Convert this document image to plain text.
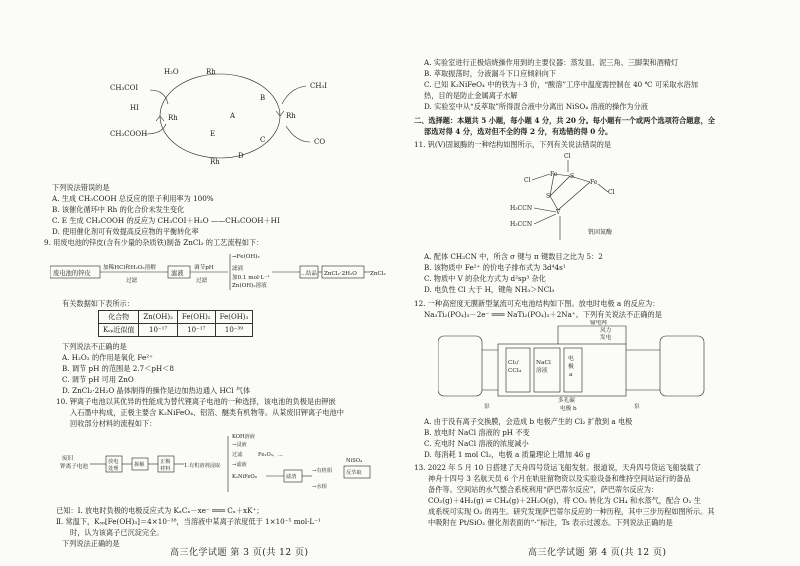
Rh
Rh
Rh
Rh	A
B
C
D
E
H₂O
CH₃COI
HI
CH₃COOH
CH₃I
CO
下列说法错误的是
A. 生成 CH₃COOH 总反应的原子利用率为 100%
B. 该催化循环中 Rh 的化合价未发生变化
C. E 生成 CH₃COOH 的反应为 CH₃COI＋H₂O ——CH₃COOH＋HI
D. 使用催化剂可有效提高反应物的平衡转化率
9. 用废电池的锌皮(含有少量的杂质铁)制备 ZnCl₂ 的工艺流程如下：
废电池的锌皮
加稀HCl和H₂O₂溶解
过滤
滤液
调节pH
过滤
→Fe(OH)₃
滤液
加0.1 mol·L⁻¹
Zn(OH)₂溶液
...结晶 ZnCl₂·2H₂O ZnCl₂
有关数据如下表所示：
化合物	Zn(OH)₂	Fe(OH)₂	Fe(OH)₃
Kₛₚ近似值	10⁻¹⁷	10⁻¹⁷	10⁻³⁹
下列说法不正确的是
A. H₂O₂ 的作用是氧化 Fe²⁺
B. 调节 pH 的范围是 2.7＜pH＜8
C. 调节 pH 可用 ZnO
D. ZnCl₂·2H₂O 晶体制得的操作是边加热边通入 HCl 气体
10. 钾离子电池以其优异的性能成为替代锂离子电池的一种选择，该电池的负极是由钾嵌
入石墨中构成，正极主要含 K₂NiFeO₄、铝箔、醚类有机物等。从某废旧钾离子电池中
回收部分材料的流程如下：
废旧
钾离子电池
放电
处理
拆解	正极
材料	1.有机溶剂浸取
KOH溶液
→浸液
过滤
→滤液
Fe₂O₃、...
K₂NiFeO₄	滤渣
→有机相	反萃取
NiSO₄
→水相
已知：Ⅰ. 放电时负极的电极反应式为 KₓCₓ－xe⁻ ═══ Cₓ＋xK⁺；
Ⅱ. 常温下，Kₛₚ[Fe(OH)₃]＝4×10⁻³⁸，当溶液中某离子浓度低于 1×10⁻⁵ mol·L⁻¹
时，认为该离子已沉淀完全。
下列说法正确的是
高三化学试题 第 3 页(共 12 页)
A. 实验室进行正极焙烧操作用到的主要仪器：蒸发皿、泥三角、三脚架和酒精灯
B. 萃取振荡时，分液漏斗下口应倾斜向下
C. 已知 K₂NiFeO₄ 中的铁为＋3 价，“酸溶”工序中温度需控制在 40 ℃ 可采取水浴加
热，目的是防止金属离子水解
D. 实验室中从“反萃取”所得混合液中分离出 NiSO₄ 溶液的操作为分液
二、选择题：本题共 5 小题，每小题 4 分，共 20 分。每小题有一个或两个选项符合题意，全
部选对得 4 分，选对但不全的得 2 分，有选错的得 0 分。
11. 钒(Ⅴ)固氮酶的一种结构如图所示，下列有关说法错误的是
Cl
Fe S
Fe
Cl
Cl
S
V
H₃CCN
H₃CCN
钒固氮酶
A. 配体 CH₃CN 中，所含 σ 键与 π 键数目之比为 5：2
B. 该物质中 Fe²⁺ 的价电子排布式为 3d⁴4s¹
C. 物质中 V 的杂化方式为 d²sp³ 杂化
D. 电负性 Cl 大于 H，键角 NH₃＞NCl₃
12. 一种高密度无膜新型氯流可充电池结构如下图。放电时电极 a 的反应为：
Na₃Ti₂(PO₄)₃－2e⁻ ═══ NaTi₂(PO₄)₃＋2Na⁺。下列有关说法不正确的是
输电网
风力
发电
Cl₂/
CCl₄
NaCl
溶液
电
极
a
泵
多孔碳
电极 b	泵
A. 由于没有离子交换膜，会造成 b 电极产生的 Cl₂ 扩散到 a 电极
B. 放电时 NaCl 溶液的 pH 不变
C. 充电时 NaCl 溶液的浓度减小
D. 每消耗 1 mol Cl₂，电极 a 质量理论上增加 46 g
13. 2022 年 5 月 10 日搭建了天舟四号货运飞船发射。报道说，天舟四号货运飞船装载了
神舟十四号 3 名航天员 6 个月在轨驻留物资以及实验设备和维持空间站运行的备品
备件等。空间站的水气整合系统利用“萨巴蒂尔反应”，萨巴蒂尔反应为：
CO₂(g)＋4H₂(g) ⇌ CH₄(g)＋2H₂O(g)，将 CO₂ 转化为 CH₄ 和水蒸气，配合 O₂ 生
成系统可实现 O₂ 的再生。研究发现萨巴蒂尔反应的一种历程，其中三步历程如图所示。其
中吸附在 Pt/SiO₂ 催化剂表面的“·”标注，Ts 表示过渡态。下列说法正确的是
高三化学试题 第 4 页(共 12 页)
